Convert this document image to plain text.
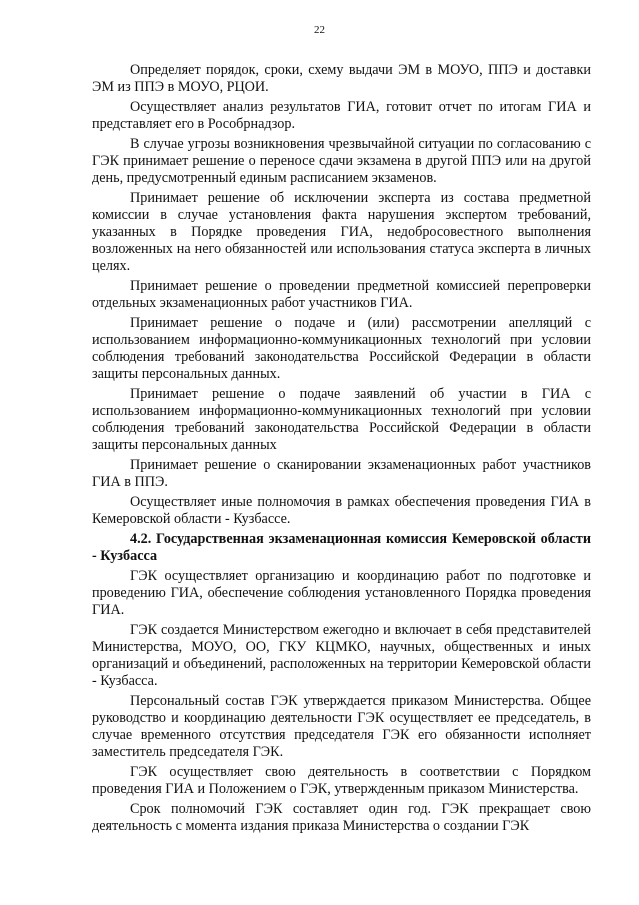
22

Определяет порядок, сроки, схему выдачи ЭМ в МОУО, ППЭ и доставки ЭМ из ППЭ в МОУО, РЦОИ.

Осуществляет анализ результатов ГИА, готовит отчет по итогам ГИА и представляет его в Рособрнадзор.

В случае угрозы возникновения чрезвычайной ситуации по согласованию с ГЭК принимает решение о переносе сдачи экзамена в другой ППЭ или на другой день, предусмотренный единым расписанием экзаменов.

Принимает решение об исключении эксперта из состава предметной комиссии в случае установления факта нарушения экспертом требований, указанных в Порядке проведения ГИА, недобросовестного выполнения возложенных на него обязанностей или использования статуса эксперта в личных целях.

Принимает решение о проведении предметной комиссией перепроверки отдельных экзаменационных работ участников ГИА.

Принимает решение о подаче и (или) рассмотрении апелляций с использованием информационно-коммуникационных технологий при условии соблюдения требований законодательства Российской Федерации в области защиты персональных данных.

Принимает решение о подаче заявлений об участии в ГИА с использованием информационно-коммуникационных технологий при условии соблюдения требований законодательства Российской Федерации в области защиты персональных данных

Принимает решение о сканировании экзаменационных работ участников ГИА в ППЭ.

Осуществляет иные полномочия в рамках обеспечения проведения ГИА в Кемеровской области - Кузбассе.

4.2. Государственная экзаменационная комиссия Кемеровской области - Кузбасса

ГЭК осуществляет организацию и координацию работ по подготовке и проведению ГИА, обеспечение соблюдения установленного Порядка проведения ГИА.

ГЭК создается Министерством ежегодно и включает в себя представителей Министерства, МОУО, ОО, ГКУ КЦМКО, научных, общественных и иных организаций и объединений, расположенных на территории Кемеровской области - Кузбасса.

Персональный состав ГЭК утверждается приказом Министерства. Общее руководство и координацию деятельности ГЭК осуществляет ее председатель, в случае временного отсутствия председателя ГЭК его обязанности исполняет заместитель председателя ГЭК.

ГЭК осуществляет свою деятельность в соответствии с Порядком проведения ГИА и Положением о ГЭК, утвержденным приказом Министерства.

Срок полномочий ГЭК составляет один год. ГЭК прекращает свою деятельность с момента издания приказа Министерства о создании ГЭК
